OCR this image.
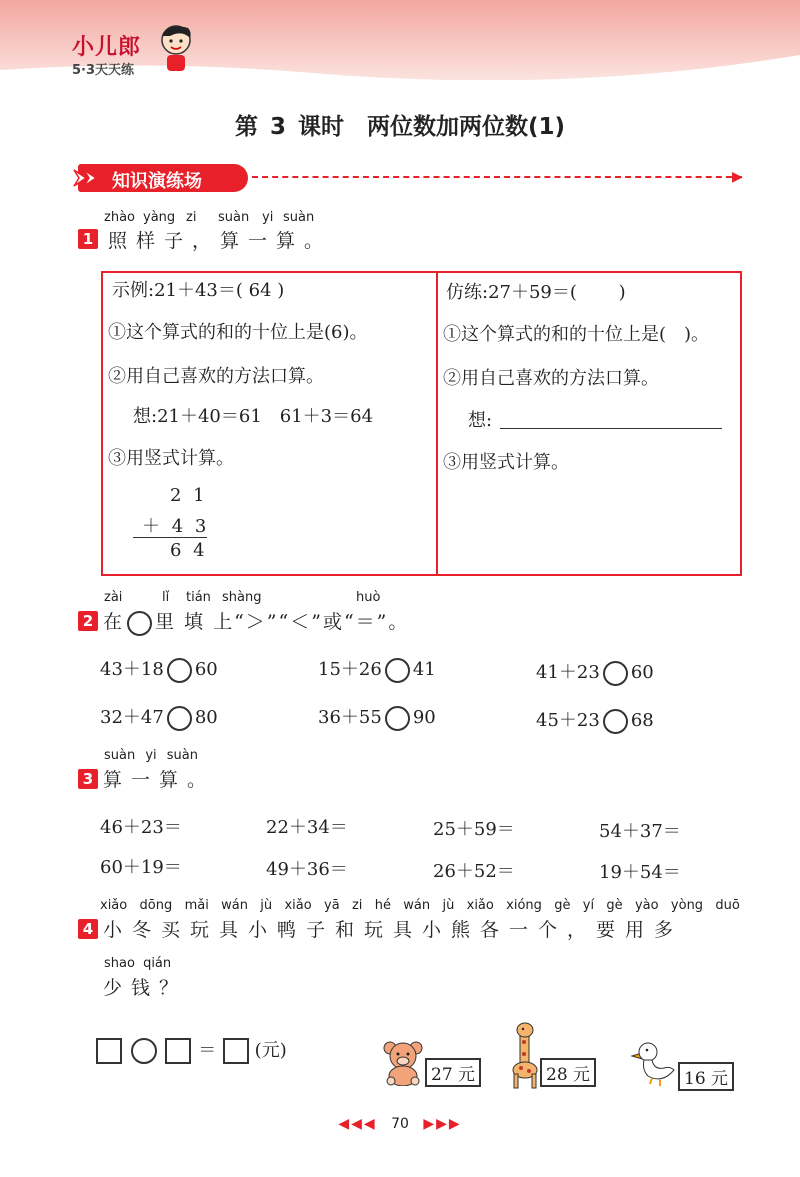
小儿郎
5·3天天练
第 3 课时　两位数加两位数(1)
知识演练场	▶
zhào yàng zi suàn yi suàn
1 照样子，算一算。
示例:21＋43＝( 64 )
①这个算式的和的十位上是(6)。
②用自己喜欢的方法口算。
想:21＋40＝61　61＋3＝64
③用竖式计算。
2 1
＋ 4 3
6 4
仿练:27＋59＝(　　 )
①这个算式的和的十位上是(　)。
②用自己喜欢的方法口算。
想:
③用竖式计算。
zài	lǐ tián shàng	huò
2 在 里 填 上“＞”“＜”或“＝”。
43＋18 60	15＋26 41	41＋23 60
32＋47 80	36＋55 90	45＋23 68
suàn yi suàn
3 算一算。
46＋23＝	22＋34＝	25＋59＝	54＋37＝
60＋19＝	49＋36＝	26＋52＝	19＋54＝
xiǎo dōng mǎi wán jù xiǎo yā zi hé wán jù xiǎo xióng gè yí gè yào yòng duō
4 小冬买玩具小鸭子和玩具小熊各一个，要用多
shao qián
少钱？
＝ (元)
27 元	28 元	16 元
◀◀◀ 70 ▶▶▶
